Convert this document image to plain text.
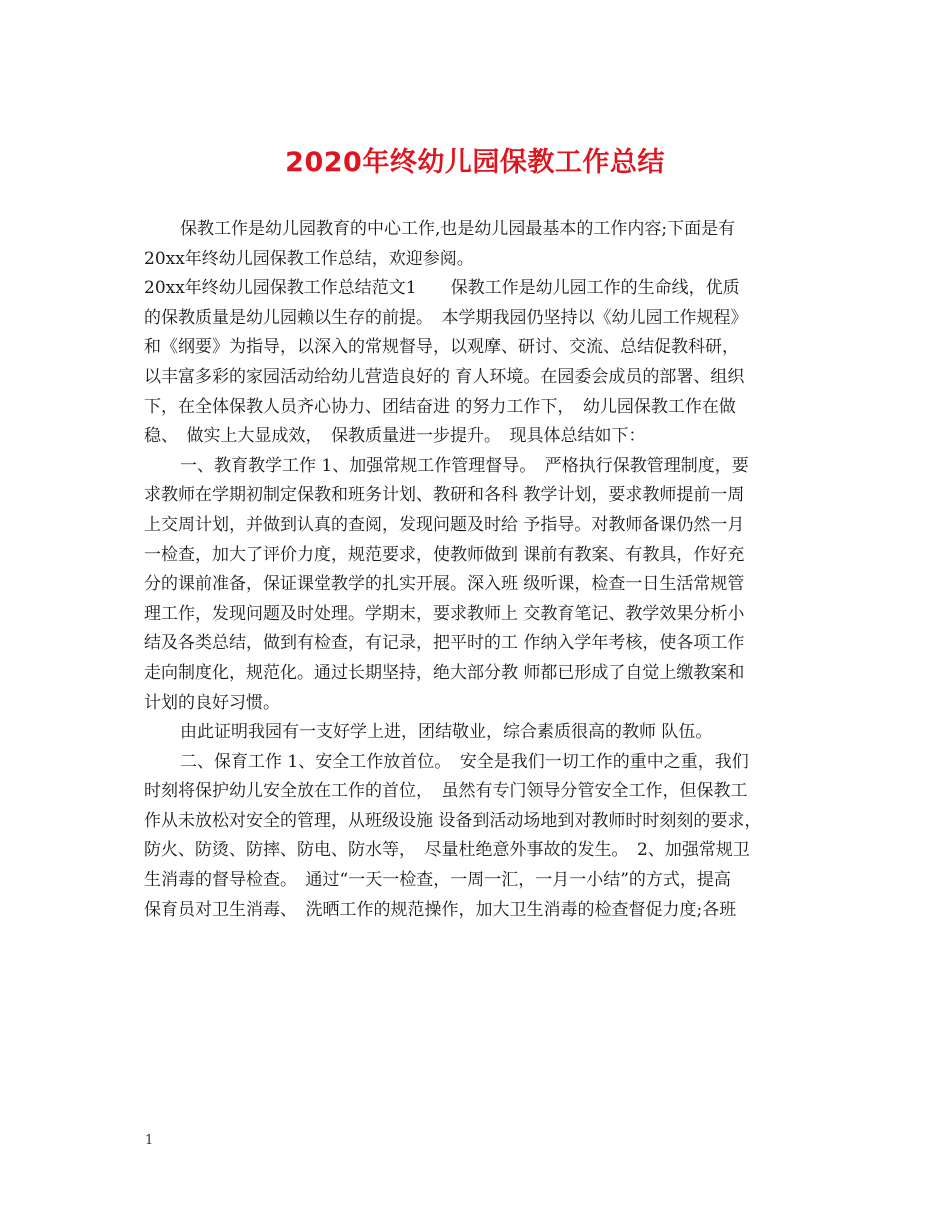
2020年终幼儿园保教工作总结
保教工作是幼儿园教育的中心工作,也是幼儿园最基本的工作内容;下面是有
20xx年终幼儿园保教工作总结，欢迎参阅。
20xx年终幼儿园保教工作总结范文1　　保教工作是幼儿园工作的生命线，优质
的保教质量是幼儿园赖以生存的前提。　本学期我园仍坚持以《幼儿园工作规程》
和《纲要》为指导，以深入的常规督导，以观摩、研讨、交流、总结促教科研，
以丰富多彩的家园活动给幼儿营造良好的 育人环境。在园委会成员的部署、组织
下，在全体保教人员齐心协力、团结奋进 的努力工作下，　幼儿园保教工作在做
稳、　做实上大显成效，　保教质量进一步提升。　现具体总结如下：
一、教育教学工作 1、加强常规工作管理督导。　严格执行保教管理制度，要
求教师在学期初制定保教和班务计划、教研和各科 教学计划，要求教师提前一周
上交周计划，并做到认真的查阅，发现问题及时给 予指导。对教师备课仍然一月
一检查，加大了评价力度，规范要求，使教师做到 课前有教案、有教具，作好充
分的课前准备，保证课堂教学的扎实开展。深入班 级听课，检查一日生活常规管
理工作，发现问题及时处理。学期末，要求教师上 交教育笔记、教学效果分析小
结及各类总结，做到有检查，有记录，把平时的工 作纳入学年考核，使各项工作
走向制度化，规范化。通过长期坚持，绝大部分教 师都已形成了自觉上缴教案和
计划的良好习惯。
由此证明我园有一支好学上进，团结敬业，综合素质很高的教师 队伍。
二、保育工作 1、安全工作放首位。　安全是我们一切工作的重中之重，我们
时刻将保护幼儿安全放在工作的首位，　虽然有专门领导分管安全工作，但保教工
作从未放松对安全的管理，从班级设施 设备到活动场地到对教师时时刻刻的要求，
防火、防烫、防摔、防电、防水等，　尽量杜绝意外事故的发生。　2、加强常规卫
生消毒的督导检查。　通过“一天一检查，一周一汇，一月一小结”的方式，提高
保育员对卫生消毒、　洗晒工作的规范操作，加大卫生消毒的检查督促力度;各班
1
